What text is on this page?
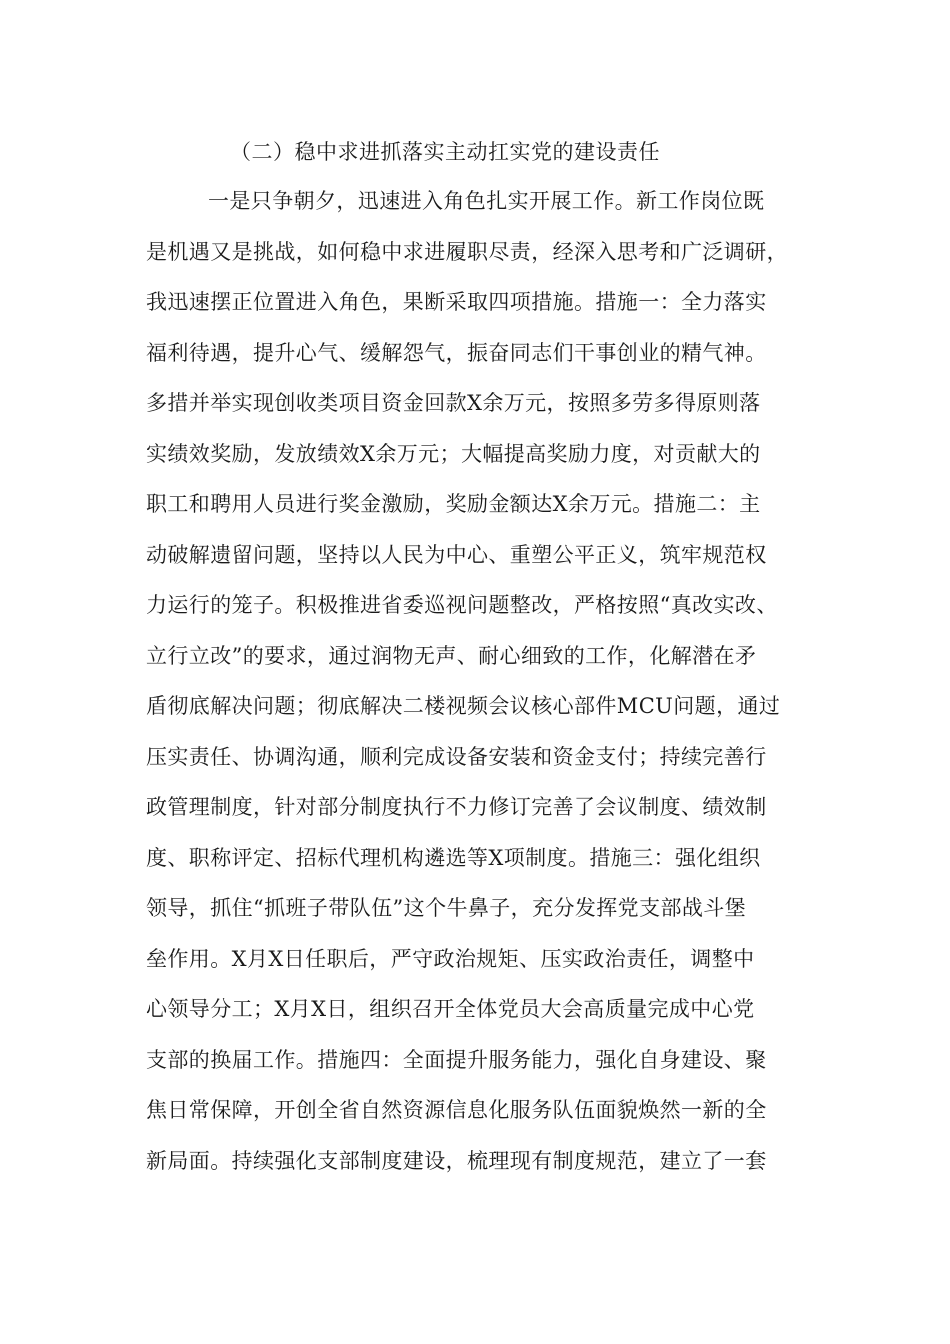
（二）稳中求进抓落实主动扛实党的建设责任
一是只争朝夕，迅速进入角色扎实开展工作。新工作岗位既
是机遇又是挑战，如何稳中求进履职尽责，经深入思考和广泛调研，
我迅速摆正位置进入角色，果断采取四项措施。措施一：全力落实
福利待遇，提升心气、缓解怨气，振奋同志们干事创业的精气神。
多措并举实现创收类项目资金回款X余万元，按照多劳多得原则落
实绩效奖励，发放绩效X余万元；大幅提高奖励力度，对贡献大的
职工和聘用人员进行奖金激励，奖励金额达X余万元。措施二：主
动破解遗留问题，坚持以人民为中心、重塑公平正义，筑牢规范权
力运行的笼子。积极推进省委巡视问题整改，严格按照“真改实改、
立行立改”的要求，通过润物无声、耐心细致的工作，化解潜在矛
盾彻底解决问题；彻底解决二楼视频会议核心部件MCU问题，通过
压实责任、协调沟通，顺利完成设备安装和资金支付；持续完善行
政管理制度，针对部分制度执行不力修订完善了会议制度、绩效制
度、职称评定、招标代理机构遴选等X项制度。措施三：强化组织
领导，抓住“抓班子带队伍”这个牛鼻子，充分发挥党支部战斗堡
垒作用。X月X日任职后，严守政治规矩、压实政治责任，调整中
心领导分工；X月X日，组织召开全体党员大会高质量完成中心党
支部的换届工作。措施四：全面提升服务能力，强化自身建设、聚
焦日常保障，开创全省自然资源信息化服务队伍面貌焕然一新的全
新局面。持续强化支部制度建设，梳理现有制度规范，建立了一套
